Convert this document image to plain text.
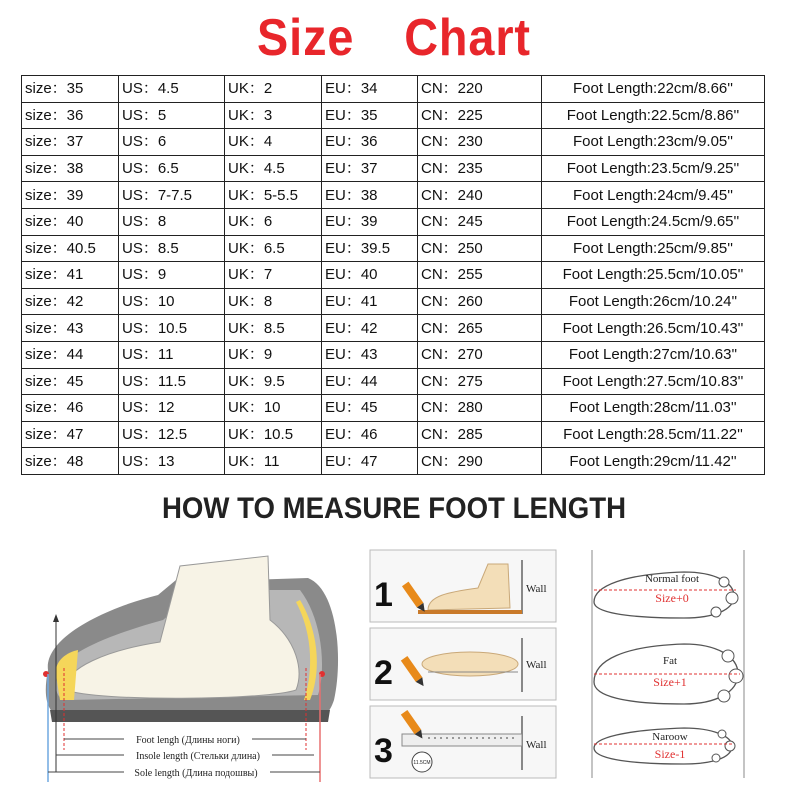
Size Chart
size：35	US：4.5	UK：2	EU：34	CN：220	Foot Length:22cm/8.66''
size：36	US：5	UK：3	EU：35	CN：225	Foot Length:22.5cm/8.86''
size：37	US：6	UK：4	EU：36	CN：230	Foot Length:23cm/9.05''
size：38	US：6.5	UK：4.5	EU：37	CN：235	Foot Length:23.5cm/9.25''
size：39	US：7-7.5	UK：5-5.5	EU：38	CN：240	Foot Length:24cm/9.45''
size：40	US：8	UK：6	EU：39	CN：245	Foot Length:24.5cm/9.65''
size：40.5	US：8.5	UK：6.5	EU：39.5	CN：250	Foot Length:25cm/9.85''
size：41	US：9	UK：7	EU：40	CN：255	Foot Length:25.5cm/10.05''
size：42	US：10	UK：8	EU：41	CN：260	Foot Length:26cm/10.24''
size：43	US：10.5	UK：8.5	EU：42	CN：265	Foot Length:26.5cm/10.43''
size：44	US：11	UK：9	EU：43	CN：270	Foot Length:27cm/10.63''
size：45	US：11.5	UK：9.5	EU：44	CN：275	Foot Length:27.5cm/10.83''
size：46	US：12	UK：10	EU：45	CN：280	Foot Length:28cm/11.03''
size：47	US：12.5	UK：10.5	EU：46	CN：285	Foot Length:28.5cm/11.22''
size：48	US：13	UK：11	EU：47	CN：290	Foot Length:29cm/11.42''
HOW TO MEASURE FOOT LENGTH
Foot lengh (Длины ноги)
Insole length (Стельки длина)
Sole length (Длина подошвы)
1	Wall
2	Wall
3	11.5CM
Wall
Normal foot
Size+0
Fat
Size+1
Naroow
Size-1
